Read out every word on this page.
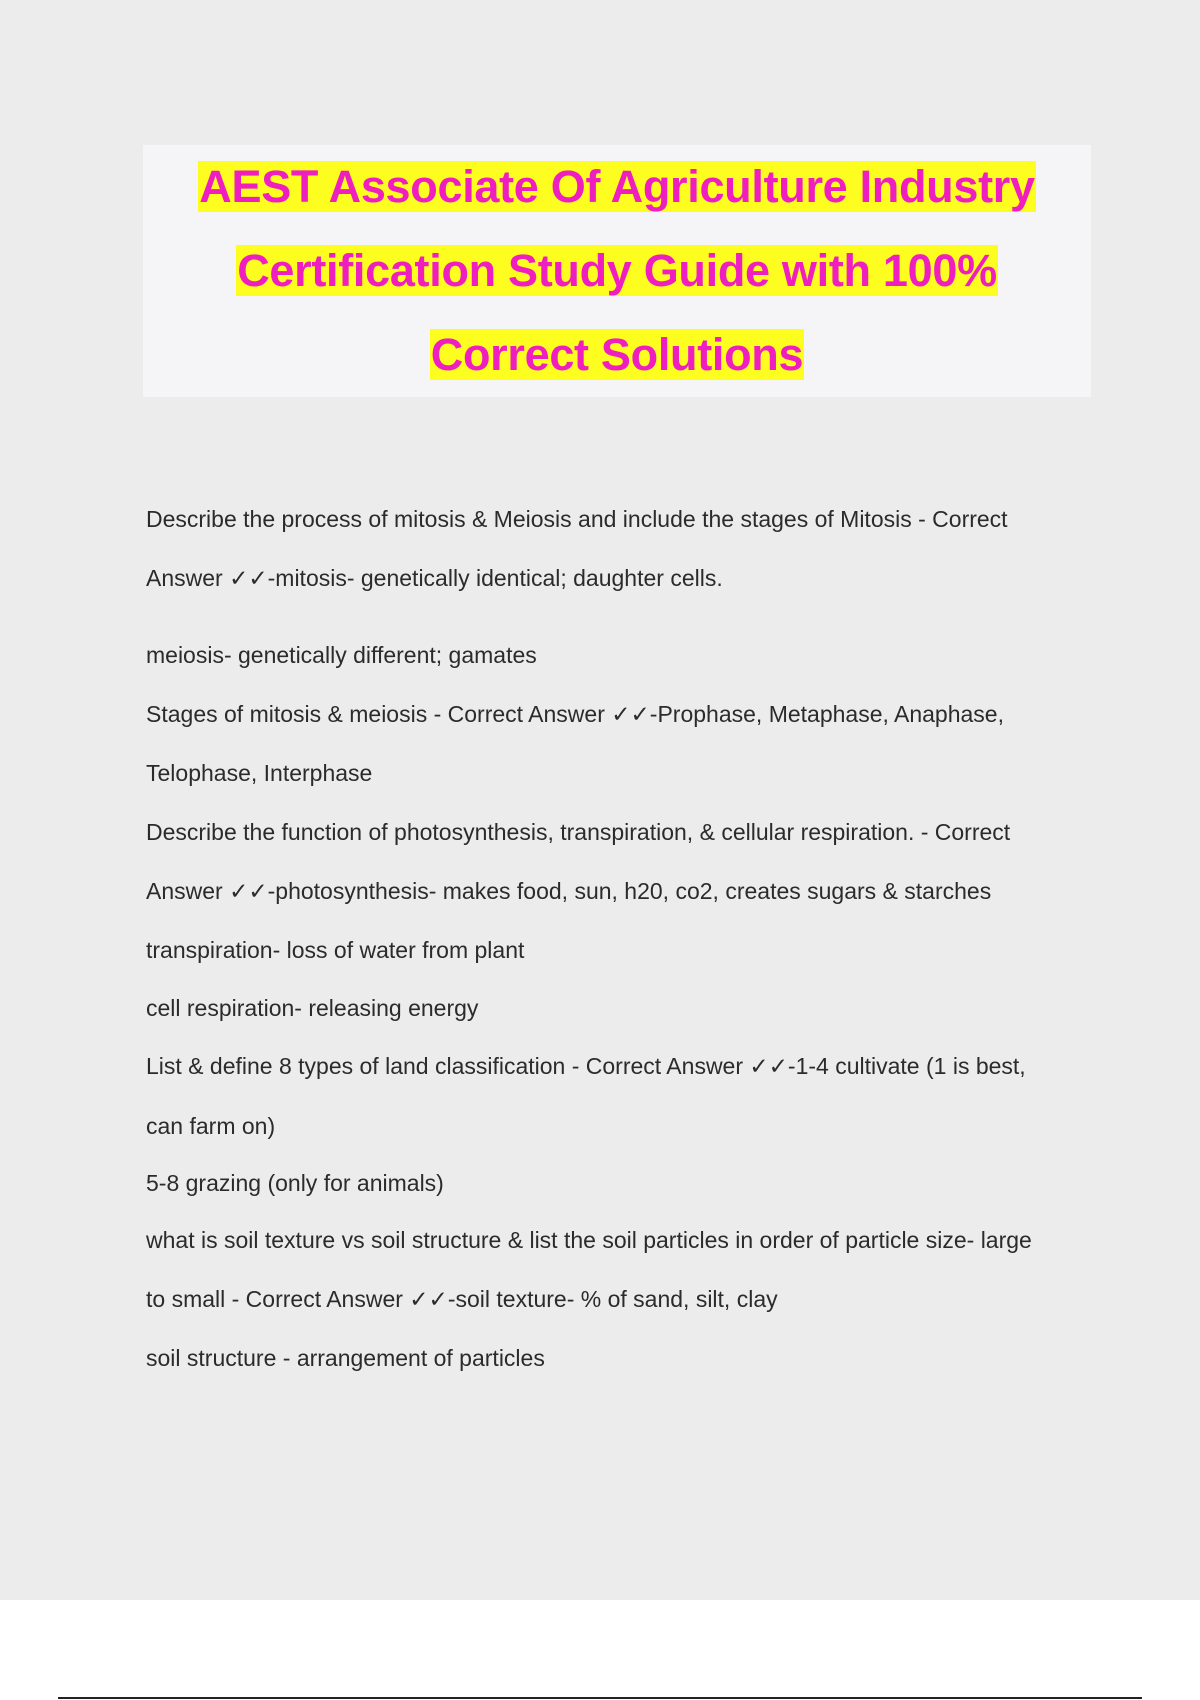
AEST Associate Of Agriculture Industry
Certification Study Guide with 100%
Correct Solutions
Describe the process of mitosis & Meiosis and include the stages of Mitosis - Correct
Answer ✓✓-mitosis- genetically identical; daughter cells.
meiosis- genetically different; gamates
Stages of mitosis & meiosis - Correct Answer ✓✓-Prophase, Metaphase, Anaphase,
Telophase, Interphase
Describe the function of photosynthesis, transpiration, & cellular respiration. - Correct
Answer ✓✓-photosynthesis- makes food, sun, h20, co2, creates sugars & starches
transpiration- loss of water from plant
cell respiration- releasing energy
List & define 8 types of land classification - Correct Answer ✓✓-1-4 cultivate (1 is best,
can farm on)
5-8 grazing (only for animals)
what is soil texture vs soil structure & list the soil particles in order of particle size- large
to small - Correct Answer ✓✓-soil texture- % of sand, silt, clay
soil structure - arrangement of particles
